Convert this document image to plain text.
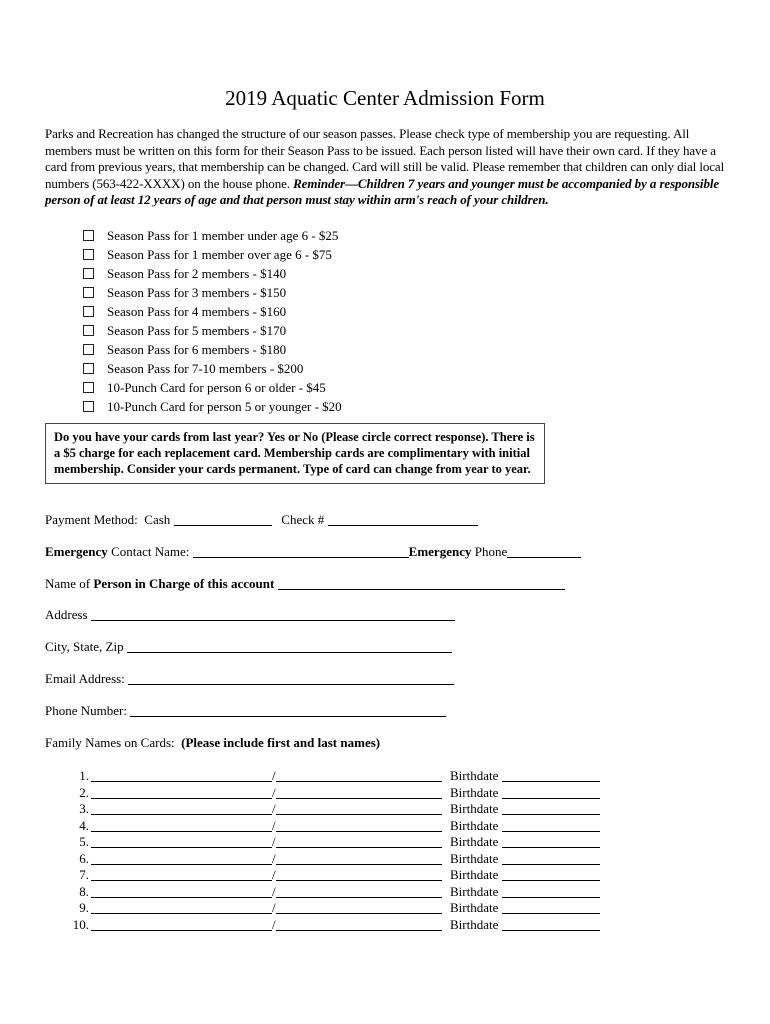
2019 Aquatic Center Admission Form
Parks and Recreation has changed the structure of our season passes. Please check type of membership you are requesting. All members must be written on this form for their Season Pass to be issued. Each person listed will have their own card. If they have a card from previous years, that membership can be changed. Card will still be valid. Please remember that children can only dial local numbers (563-422-XXXX) on the house phone. Reminder—Children 7 years and younger must be accompanied by a responsible person of at least 12 years of age and that person must stay within arm's reach of your children.
Season Pass for 1 member under age 6 - $25
Season Pass for 1 member over age 6 - $75
Season Pass for 2 members - $140
Season Pass for 3 members - $150
Season Pass for 4 members - $160
Season Pass for 5 members - $170
Season Pass for 6 members - $180
Season Pass for 7-10 members - $200
10-Punch Card for person 6 or older - $45
10-Punch Card for person 5 or younger - $20
Do you have your cards from last year? Yes or No (Please circle correct response). There is a $5 charge for each replacement card. Membership cards are complimentary with initial membership. Consider your cards permanent. Type of card can change from year to year.
Payment Method: Cash	Check #
Emergency Contact Name:	Emergency Phone
Name of Person in Charge of this account
Address
City, State, Zip
Email Address:
Phone Number:
Family Names on Cards: (Please include first and last names)
1.	/	Birthdate
2.	/	Birthdate
3.	/	Birthdate
4.	/	Birthdate
5.	/	Birthdate
6.	/	Birthdate
7.	/	Birthdate
8.	/	Birthdate
9.	/	Birthdate
10.	/	Birthdate
